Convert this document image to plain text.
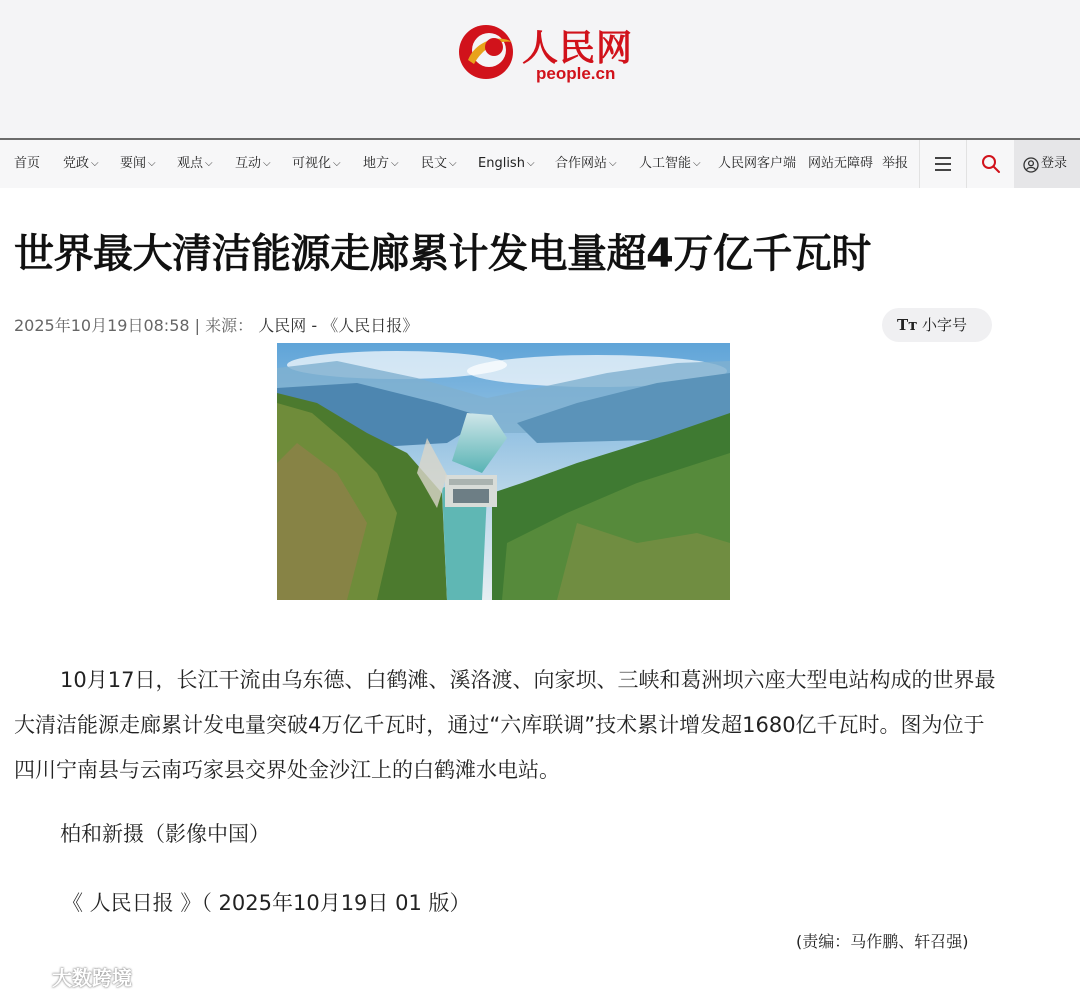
人民网
people.cn
首页 党政 ⌵ 要闻 ⌵ 观点 ⌵ 互动 ⌵ 可视化 ⌵ 地方 ⌵ 民文 ⌵ English ⌵ 合作网站 ⌵ 人工智能 ⌵ 人民网客户端 网站无障碍 举报	登录
世界最大清洁能源走廊累计发电量超4万亿千瓦时
2025年10月19日08:58 | 来源： 人民网 - 《人民日报》	Tт 小字号

10月17日，长江干流由乌东德、白鹤滩、溪洛渡、向家坝、三峡和葛洲坝六座大型电站构成的世界最大清洁能源走廊累计发电量突破4万亿千瓦时，通过“六库联调”技术累计增发超1680亿千瓦时。图为位于四川宁南县与云南巧家县交界处金沙江上的白鹤滩水电站。

柏和新摄（影像中国）
《 人民日报 》（ 2025年10月19日 01 版）
(责编：马作鹏、轩召强)
大数跨境
